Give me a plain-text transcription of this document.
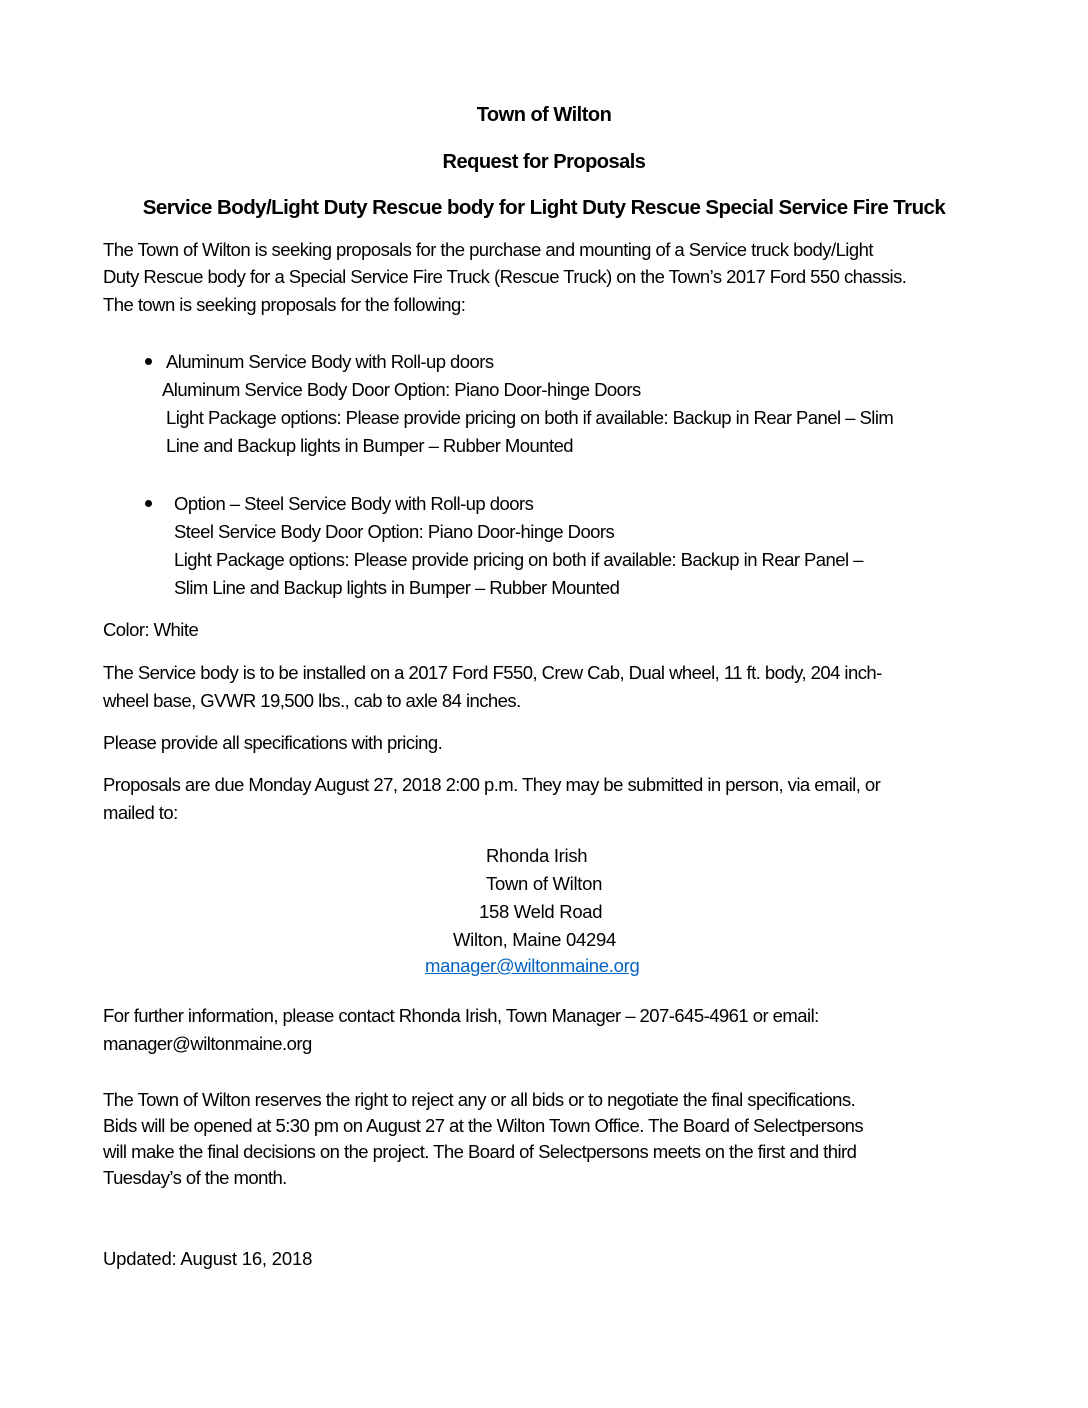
Town of Wilton
Request for Proposals
Service Body/Light Duty Rescue body for Light Duty Rescue Special Service Fire Truck
The Town of Wilton is seeking proposals for the purchase and mounting of a Service truck body/Light
Duty Rescue body for a Special Service Fire Truck (Rescue Truck) on the Town’s 2017 Ford 550 chassis.
The town is seeking proposals for the following:
Aluminum Service Body with Roll-up doors
Aluminum Service Body Door Option: Piano Door-hinge Doors
Light Package options: Please provide pricing on both if available: Backup in Rear Panel – Slim
Line and Backup lights in Bumper – Rubber Mounted
Option – Steel Service Body with Roll-up doors
Steel Service Body Door Option: Piano Door-hinge Doors
Light Package options: Please provide pricing on both if available: Backup in Rear Panel –
Slim Line and Backup lights in Bumper – Rubber Mounted
Color: White
The Service body is to be installed on a 2017 Ford F550, Crew Cab, Dual wheel, 11 ft. body, 204 inch-
wheel base, GVWR 19,500 lbs., cab to axle 84 inches.
Please provide all specifications with pricing.
Proposals are due Monday August 27, 2018 2:00 p.m. They may be submitted in person, via email, or
mailed to:
Rhonda Irish
Town of Wilton
158 Weld Road
Wilton, Maine 04294
manager@wiltonmaine.org
For further information, please contact Rhonda Irish, Town Manager – 207-645-4961 or email:
manager@wiltonmaine.org
The Town of Wilton reserves the right to reject any or all bids or to negotiate the final specifications.
Bids will be opened at 5:30 pm on August 27 at the Wilton Town Office. The Board of Selectpersons
will make the final decisions on the project. The Board of Selectpersons meets on the first and third
Tuesday’s of the month.
Updated: August 16, 2018
